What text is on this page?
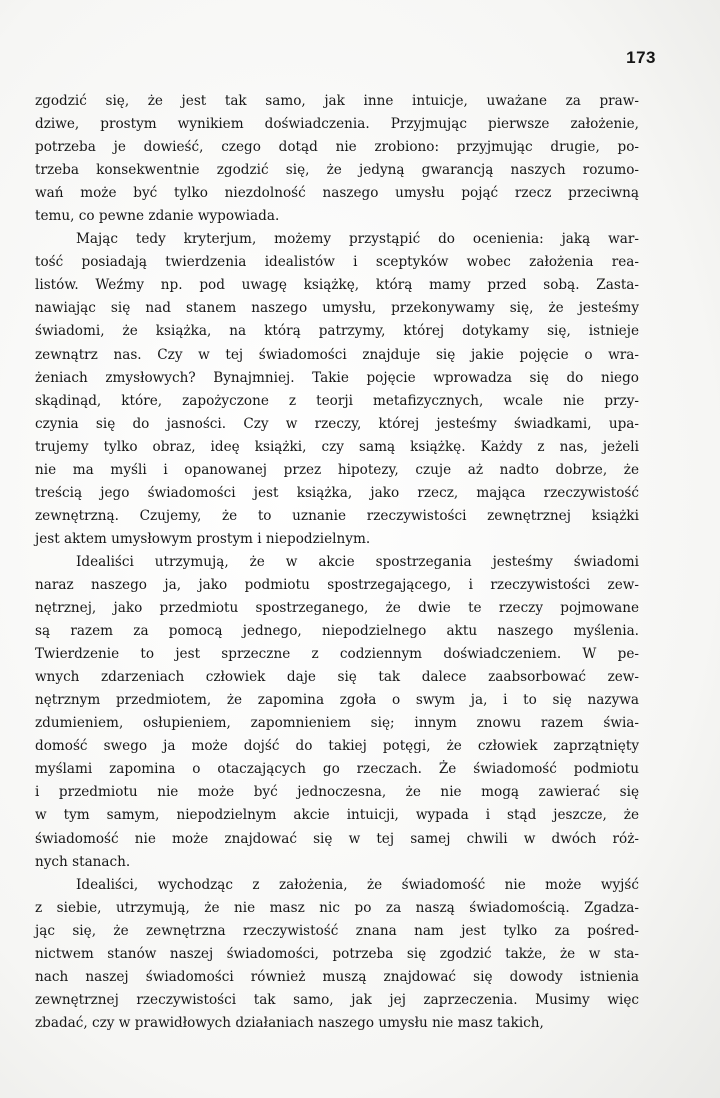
173
zgodzić się, że jest tak samo, jak inne intuicje, uważane za praw-
dziwe, prostym wynikiem doświadczenia. Przyjmując pierwsze założenie,
potrzeba je dowieść, czego dotąd nie zrobiono: przyjmując drugie, po-
trzeba konsekwentnie zgodzić się, że jedyną gwarancją naszych rozumo-
wań może być tylko niezdolność naszego umysłu pojąć rzecz przeciwną
temu, co pewne zdanie wypowiada.
Mając tedy kryterjum, możemy przystąpić do ocenienia: jaką war-
tość posiadają twierdzenia idealistów i sceptyków wobec założenia rea-
listów. Weźmy np. pod uwagę książkę, którą mamy przed sobą. Zasta-
nawiając się nad stanem naszego umysłu, przekonywamy się, że jesteśmy
świadomi, że książka, na którą patrzymy, której dotykamy się, istnieje
zewnątrz nas. Czy w tej świadomości znajduje się jakie pojęcie o wra-
żeniach zmysłowych? Bynajmniej. Takie pojęcie wprowadza się do niego
skądinąd, które, zapożyczone z teorji metafizycznych, wcale nie przy-
czynia się do jasności. Czy w rzeczy, której jesteśmy świadkami, upa-
trujemy tylko obraz, ideę książki, czy samą książkę. Każdy z nas, jeżeli
nie ma myśli i opanowanej przez hipotezy, czuje aż nadto dobrze, że
treścią jego świadomości jest książka, jako rzecz, mająca rzeczywistość
zewnętrzną. Czujemy, że to uznanie rzeczywistości zewnętrznej książki
jest aktem umysłowym prostym i niepodzielnym.
Idealiści utrzymują, że w akcie spostrzegania jesteśmy świadomi
naraz naszego ja, jako podmiotu spostrzegającego, i rzeczywistości zew-
nętrznej, jako przedmiotu spostrzeganego, że dwie te rzeczy pojmowane
są razem za pomocą jednego, niepodzielnego aktu naszego myślenia.
Twierdzenie to jest sprzeczne z codziennym doświadczeniem. W pe-
wnych zdarzeniach człowiek daje się tak dalece zaabsorbować zew-
nętrznym przedmiotem, że zapomina zgoła o swym ja, i to się nazywa
zdumieniem, osłupieniem, zapomnieniem się; innym znowu razem świa-
domość swego ja może dojść do takiej potęgi, że człowiek zaprzątnięty
myślami zapomina o otaczających go rzeczach. Że świadomość podmiotu
i przedmiotu nie może być jednoczesna, że nie mogą zawierać się
w tym samym, niepodzielnym akcie intuicji, wypada i stąd jeszcze, że
świadomość nie może znajdować się w tej samej chwili w dwóch róż-
nych stanach.
Idealiści, wychodząc z założenia, że świadomość nie może wyjść
z siebie, utrzymują, że nie masz nic po za naszą świadomością. Zgadza-
jąc się, że zewnętrzna rzeczywistość znana nam jest tylko za pośred-
nictwem stanów naszej świadomości, potrzeba się zgodzić także, że w sta-
nach naszej świadomości również muszą znajdować się dowody istnienia
zewnętrznej rzeczywistości tak samo, jak jej zaprzeczenia. Musimy więc
zbadać, czy w prawidłowych działaniach naszego umysłu nie masz takich,
